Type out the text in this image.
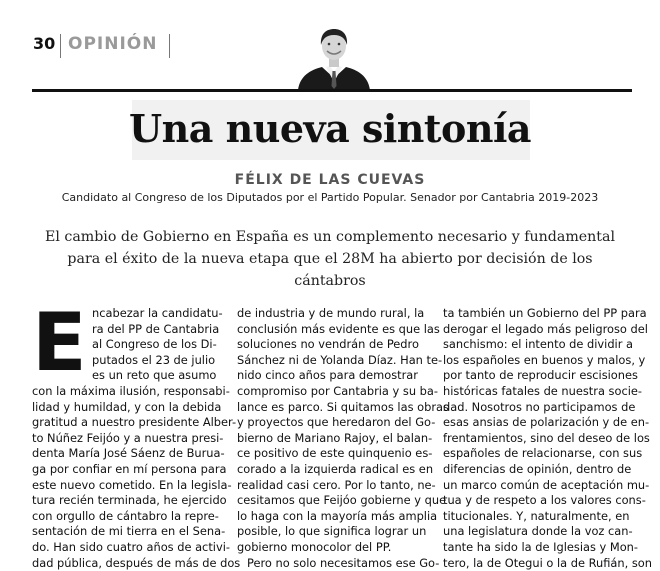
30 OPINIÓN
Una nueva sintonía
FÉLIX DE LAS CUEVAS
Candidato al Congreso de los Diputados por el Partido Popular. Senador por Cantabria 2019-2023
El cambio de Gobierno en España es un complemento necesario y fundamental
para el éxito de la nueva etapa que el 28M ha abierto por decisión de los cántabros
E ncabezar la candidatu-
ra del PP de Cantabria
al Congreso de los Di-
putados el 23 de julio
es un reto que asumo
con la máxima ilusión, responsabi-
lidad y humildad, y con la debida
gratitud a nuestro presidente Alber-
to Núñez Feijóo y a nuestra presi-
denta María José Sáenz de Burua-
ga por confiar en mí persona para
este nuevo cometido. En la legisla-
tura recién terminada, he ejercido
con orgullo de cántabro la repre-
sentación de mi tierra en el Sena-
do. Han sido cuatro años de activi-
dad pública, después de más de dos
de industria y de mundo rural, la
conclusión más evidente es que las
soluciones no vendrán de Pedro
Sánchez ni de Yolanda Díaz. Han te-
nido cinco años para demostrar
compromiso por Cantabria y su ba-
lance es parco. Si quitamos las obras
y proyectos que heredaron del Go-
bierno de Mariano Rajoy, el balan-
ce positivo de este quinquenio es-
corado a la izquierda radical es en
realidad casi cero. Por lo tanto, ne-
cesitamos que Feijóo gobierne y que
lo haga con la mayoría más amplia
posible, lo que significa lograr un
gobierno monocolor del PP.
Pero no solo necesitamos ese Go-
ta también un Gobierno del PP para
derogar el legado más peligroso del
sanchismo: el intento de dividir a
los españoles en buenos y malos, y
por tanto de reproducir escisiones
históricas fatales de nuestra socie-
dad. Nosotros no participamos de
esas ansias de polarización y de en-
frentamientos, sino del deseo de los
españoles de relacionarse, con sus
diferencias de opinión, dentro de
un marco común de aceptación mu-
tua y de respeto a los valores cons-
titucionales. Y, naturalmente, en
una legislatura donde la voz can-
tante ha sido la de Iglesias y Mon-
tero, la de Otegui o la de Rufián, son
